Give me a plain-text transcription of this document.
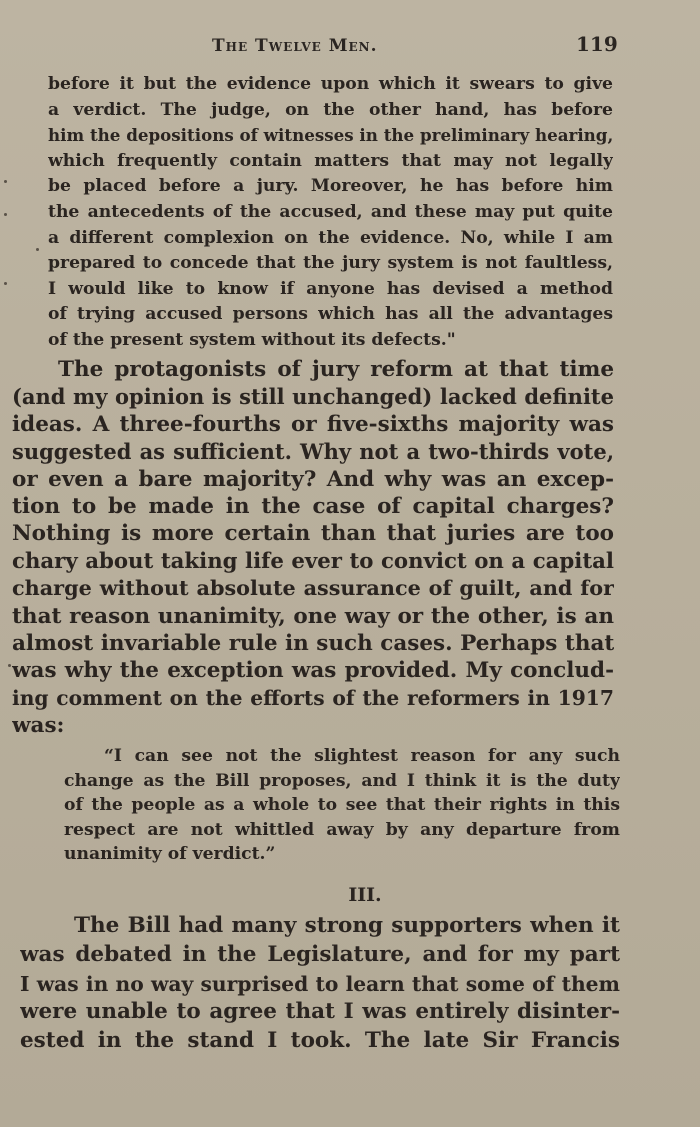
The Twelve Men.	119
before it but the evidence upon which it swears to give
a verdict. The judge, on the other hand, has before
him the depositions of witnesses in the preliminary hearing,
which frequently contain matters that may not legally
be placed before a jury. Moreover, he has before him
the antecedents of the accused, and these may put quite
a different complexion on the evidence. No, while I am
prepared to concede that the jury system is not faultless,
I would like to know if anyone has devised a method
of trying accused persons which has all the advantages
of the present system without its defects."
The protagonists of jury reform at that time
(and my opinion is still unchanged) lacked definite
ideas. A three-fourths or five-sixths majority was
suggested as sufficient. Why not a two-thirds vote,
or even a bare majority? And why was an excep-
tion to be made in the case of capital charges?
Nothing is more certain than that juries are too
chary about taking life ever to convict on a capital
charge without absolute assurance of guilt, and for
that reason unanimity, one way or the other, is an
almost invariable rule in such cases. Perhaps that
was why the exception was provided. My conclud-
ing comment on the efforts of the reformers in 1917
was:
“I can see not the slightest reason for any such
change as the Bill proposes, and I think it is the duty
of the people as a whole to see that their rights in this
respect are not whittled away by any departure from
unanimity of verdict.”
III.
The Bill had many strong supporters when it
was debated in the Legislature, and for my part
I was in no way surprised to learn that some of them
were unable to agree that I was entirely disinter-
ested in the stand I took. The late Sir Francis
